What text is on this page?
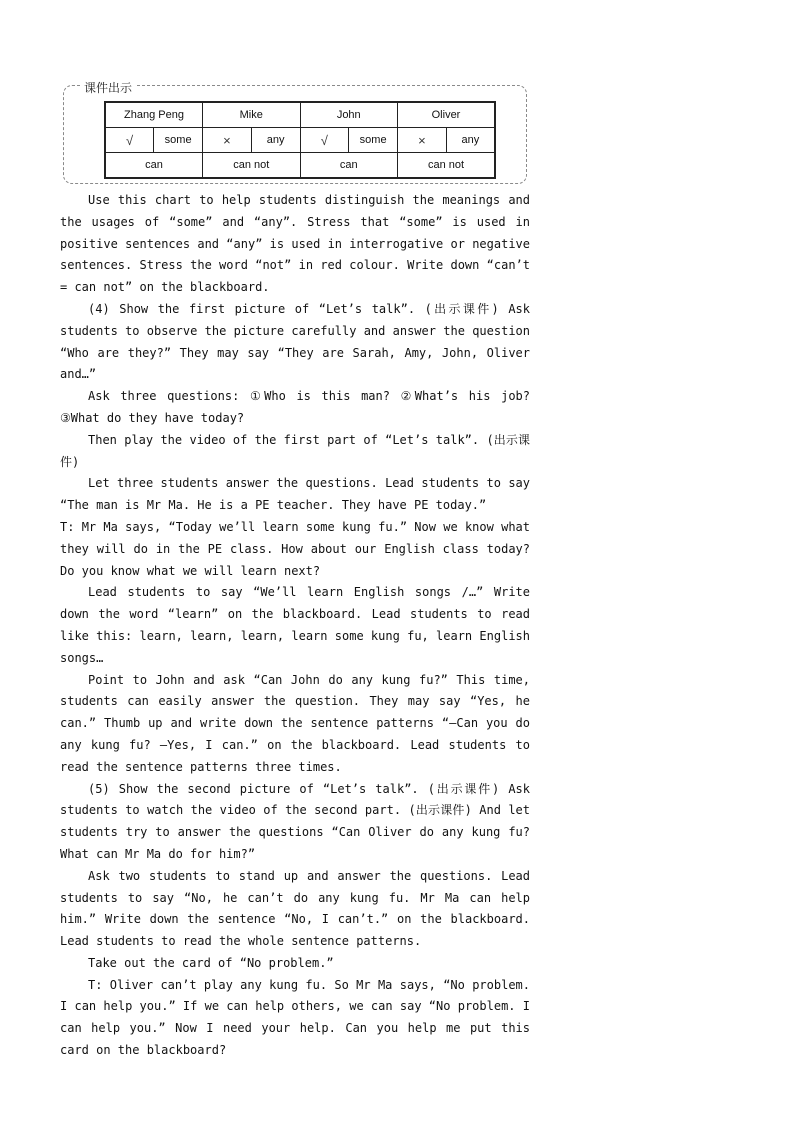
课件出示
Zhang Peng		Mike		John		Oliver	
√	some	×	any	√	some	×	any
can		can not		can		can not	

Use this chart to help students distinguish the meanings and the usages of “some” and “any”. Stress that “some” is used in positive sentences and “any” is used in interrogative or negative sentences. Stress the word “not” in red colour. Write down “can’t = can not” on the blackboard.

(4) Show the first picture of “Let’s talk”. (出示课件) Ask students to observe the picture carefully and answer the question “Who are they?” They may say “They are Sarah, Amy, John, Oliver and…”

Ask three questions: ①Who is this man? ②What’s his job? ③What do they have today?

Then play the video of the first part of “Let’s talk”. (出示课件)

Let three students answer the questions. Lead students to say “The man is Mr Ma. He is a PE teacher. They have PE today.”

T: Mr Ma says, “Today we’ll learn some kung fu.” Now we know what they will do in the PE class. How about our English class today? Do you know what we will learn next?

Lead students to say “We’ll learn English songs /…” Write down the word “learn” on the blackboard. Lead students to read like this: learn, learn, learn, learn some kung fu, learn English songs…

Point to John and ask “Can John do any kung fu?” This time, students can easily answer the question. They may say “Yes, he can.” Thumb up and write down the sentence patterns “—Can you do any kung fu? —Yes, I can.” on the blackboard. Lead students to read the sentence patterns three times.

(5) Show the second picture of “Let’s talk”. (出示课件) Ask students to watch the video of the second part. (出示课件) And let students try to answer the questions “Can Oliver do any kung fu? What can Mr Ma do for him?”

Ask two students to stand up and answer the questions. Lead students to say “No, he can’t do any kung fu. Mr Ma can help him.” Write down the sentence “No, I can’t.” on the blackboard. Lead students to read the whole sentence patterns.

Take out the card of “No problem.”

T: Oliver can’t play any kung fu. So Mr Ma says, “No problem. I can help you.” If we can help others, we can say “No problem. I can help you.” Now I need your help. Can you help me put this card on the blackboard?
